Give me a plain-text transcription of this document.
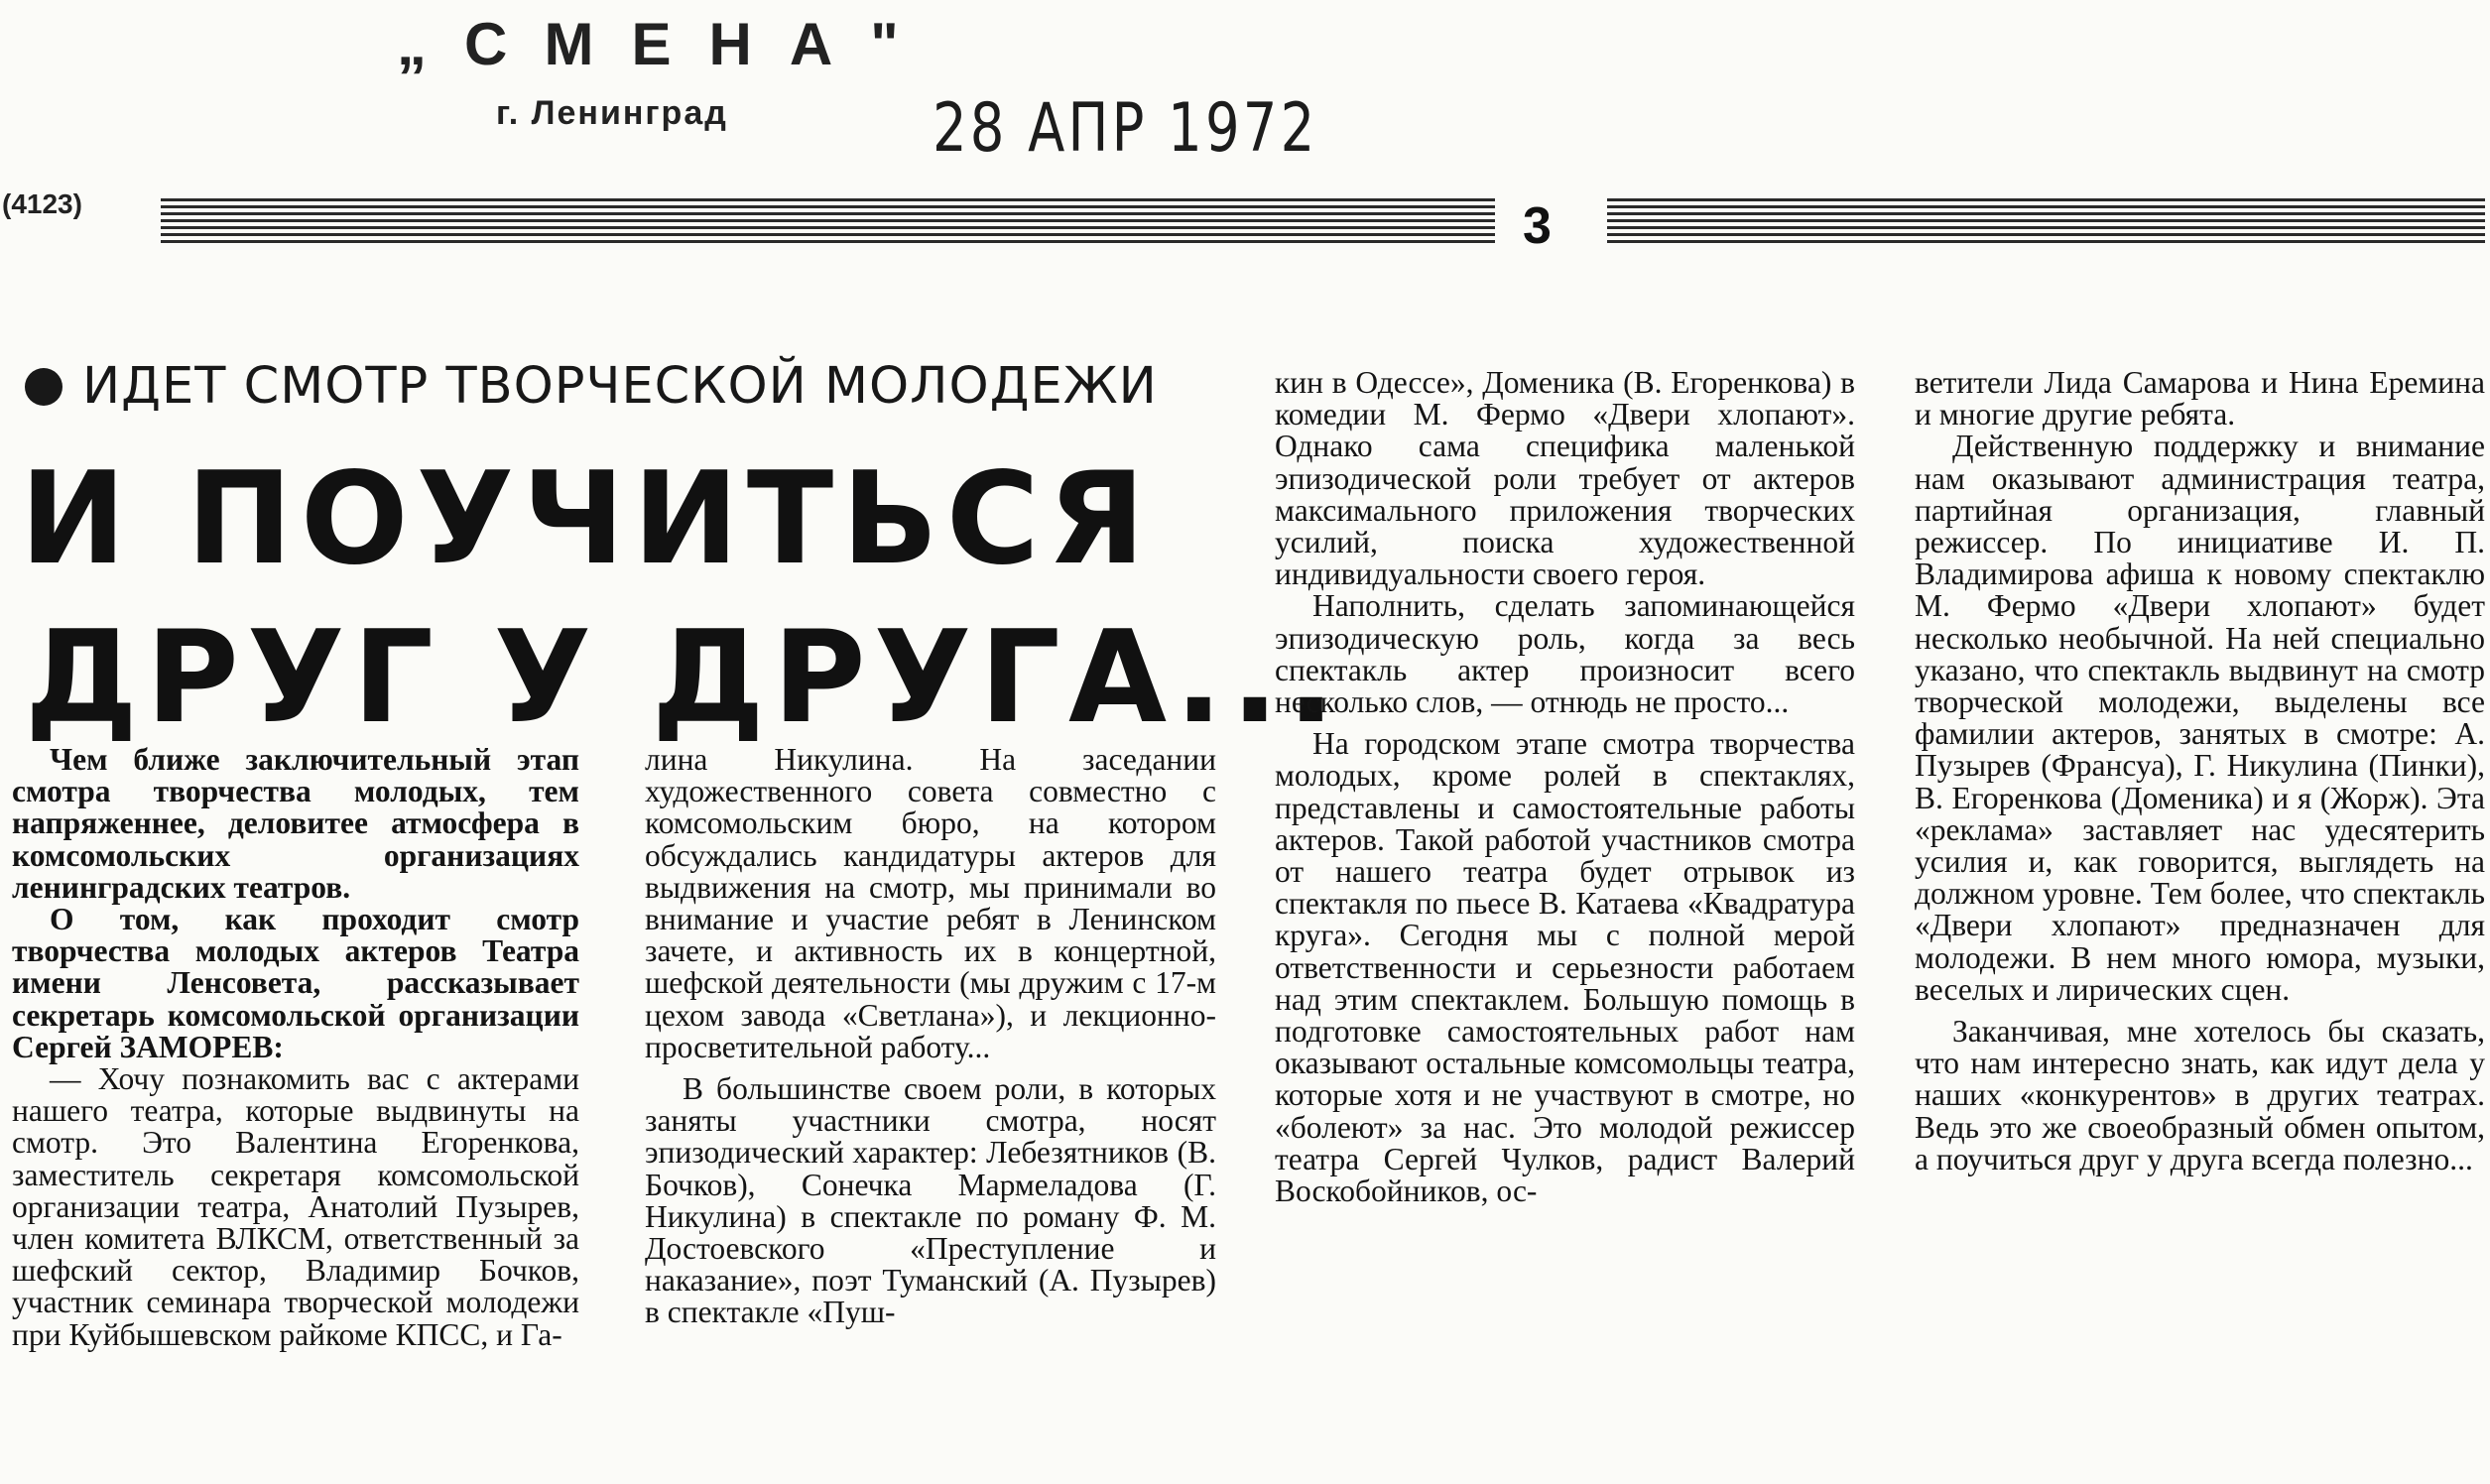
„СМЕНА"
г. Ленинград	28 АПР 1972
(4123)	3
ИДЕТ СМОТР ТВОРЧЕСКОЙ МОЛОДЕЖИ
И ПОУЧИТЬСЯ
ДРУГ У ДРУГА...

Чем ближе заключительный этап смотра творчества молодых, тем напряженнее, деловитее атмосфера в комсомольских организациях ленинградских театров.

О том, как проходит смотр творчества молодых актеров Театра имени Ленсовета, рассказывает секретарь комсомольской организации Сергей ЗАМОРЕВ:

— Хочу познакомить вас с актерами нашего театра, которые выдвинуты на смотр. Это Валентина Егоренкова, заместитель секретаря комсомольской организации театра, Анатолий Пузырев, член комитета ВЛКСМ, ответственный за шефский сектор, Владимир Бочков, участник семинара творческой молодежи при Куйбышевском райкоме КПСС, и Га-

лина Никулина. На заседании художественного совета совместно с комсомольским бюро, на котором обсуждались кандидатуры актеров для выдвижения на смотр, мы принимали во внимание и участие ребят в Ленинском зачете, и активность их в концертной, шефской деятельности (мы дружим с 17-м цехом завода «Светлана»), и лекционно-просветительной работу...

В большинстве своем роли, в которых заняты участники смотра, носят эпизодический характер: Лебезятников (В. Бочков), Сонечка Мармеладова (Г. Никулина) в спектакле по роману Ф. М. Достоевского «Преступление и наказание», поэт Туманский (А. Пузырев) в спектакле «Пуш-

кин в Одессе», Доменика (В. Егоренкова) в комедии М. Фермо «Двери хлопают». Однако сама специфика маленькой эпизодической роли требует от актеров максимального приложения творческих усилий, поиска художественной индивидуальности своего героя.

Наполнить, сделать запоминающейся эпизодическую роль, когда за весь спектакль актер произносит всего несколько слов, — отнюдь не просто...

На городском этапе смотра творчества молодых, кроме ролей в спектаклях, представлены и самостоятельные работы актеров. Такой работой участников смотра от нашего театра будет отрывок из спектакля по пьесе В. Катаева «Квадратура круга». Сегодня мы с полной мерой ответственности и серьезности работаем над этим спектаклем. Большую помощь в подготовке самостоятельных работ нам оказывают остальные комсомольцы театра, которые хотя и не участвуют в смотре, но «болеют» за нас. Это молодой режиссер театра Сергей Чулков, радист Валерий Воскобойников, ос-

ветители Лида Самарова и Нина Еремина и многие другие ребята.

Действенную поддержку и внимание нам оказывают администрация театра, партийная организация, главный режиссер. По инициативе И. П. Владимирова афиша к новому спектаклю М. Фермо «Двери хлопают» будет несколько необычной. На ней специально указано, что спектакль выдвинут на смотр творческой молодежи, выделены все фамилии актеров, занятых в смотре: А. Пузырев (Франсуа), Г. Никулина (Пинки), В. Егоренкова (Доменика) и я (Жорж). Эта «реклама» заставляет нас удесятерить усилия и, как говорится, выглядеть на должном уровне. Тем более, что спектакль «Двери хлопают» предназначен для молодежи. В нем много юмора, музыки, веселых и лирических сцен.

Заканчивая, мне хотелось бы сказать, что нам интересно знать, как идут дела у наших «конкурентов» в других театрах. Ведь это же своеобразный обмен опытом, а поучиться друг у друга всегда полезно...
